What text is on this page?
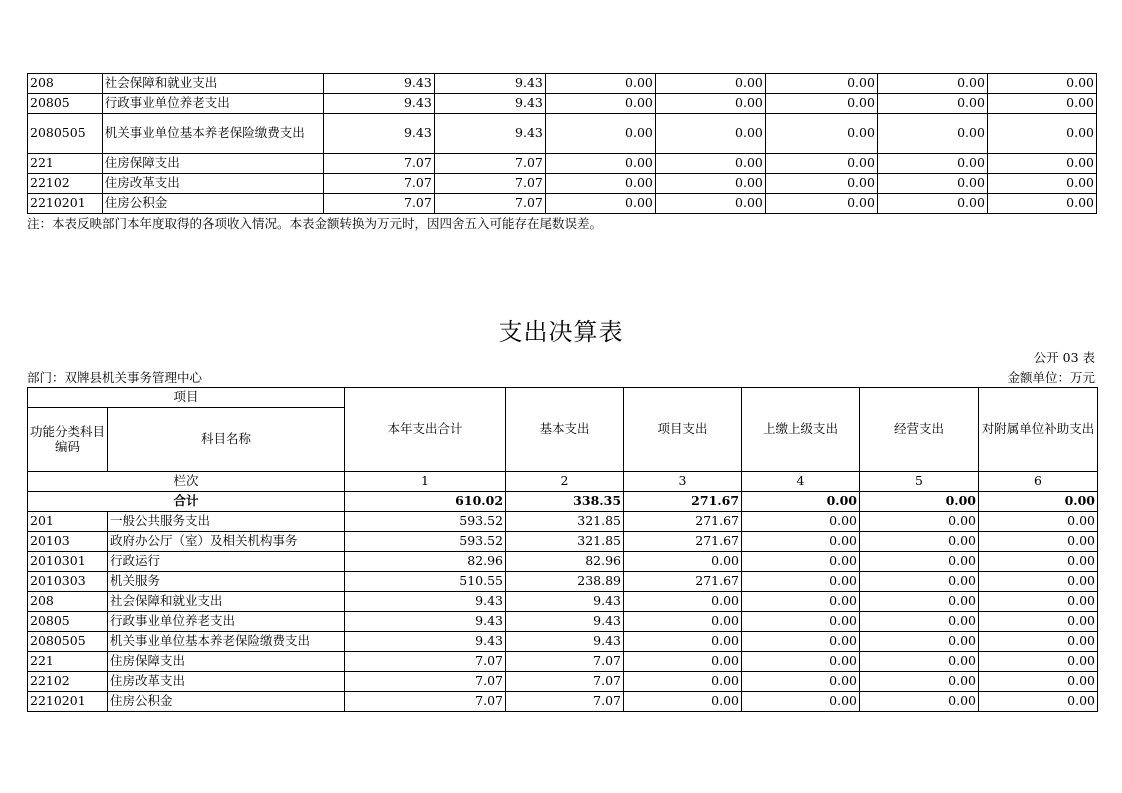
208	社会保障和就业支出	9.43	9.43	0.00	0.00	0.00	0.00	0.00
20805	行政事业单位养老支出	9.43	9.43	0.00	0.00	0.00	0.00	0.00
2080505	机关事业单位基本养老保险缴费支出	9.43	9.43	0.00	0.00	0.00	0.00	0.00
221	住房保障支出	7.07	7.07	0.00	0.00	0.00	0.00	0.00
22102	住房改革支出	7.07	7.07	0.00	0.00	0.00	0.00	0.00
2210201	住房公积金	7.07	7.07	0.00	0.00	0.00	0.00	0.00
注：本表反映部门本年度取得的各项收入情况。本表金额转换为万元时，因四舍五入可能存在尾数误差。
支出决算表
公开 03 表
部门：双牌县机关事务管理中心	金额单位：万元
项目		本年支出合计	基本支出	项目支出	上缴上级支出	经营支出	对附属单位补助支出
功能分类科目编码	科目名称						
栏次		1	2	3	4	5	6
合计		610.02	338.35	271.67	0.00	0.00	0.00
201	一般公共服务支出	593.52	321.85	271.67	0.00	0.00	0.00
20103	政府办公厅（室）及相关机构事务	593.52	321.85	271.67	0.00	0.00	0.00
2010301	行政运行	82.96	82.96	0.00	0.00	0.00	0.00
2010303	机关服务	510.55	238.89	271.67	0.00	0.00	0.00
208	社会保障和就业支出	9.43	9.43	0.00	0.00	0.00	0.00
20805	行政事业单位养老支出	9.43	9.43	0.00	0.00	0.00	0.00
2080505	机关事业单位基本养老保险缴费支出	9.43	9.43	0.00	0.00	0.00	0.00
221	住房保障支出	7.07	7.07	0.00	0.00	0.00	0.00
22102	住房改革支出	7.07	7.07	0.00	0.00	0.00	0.00
2210201	住房公积金	7.07	7.07	0.00	0.00	0.00	0.00
